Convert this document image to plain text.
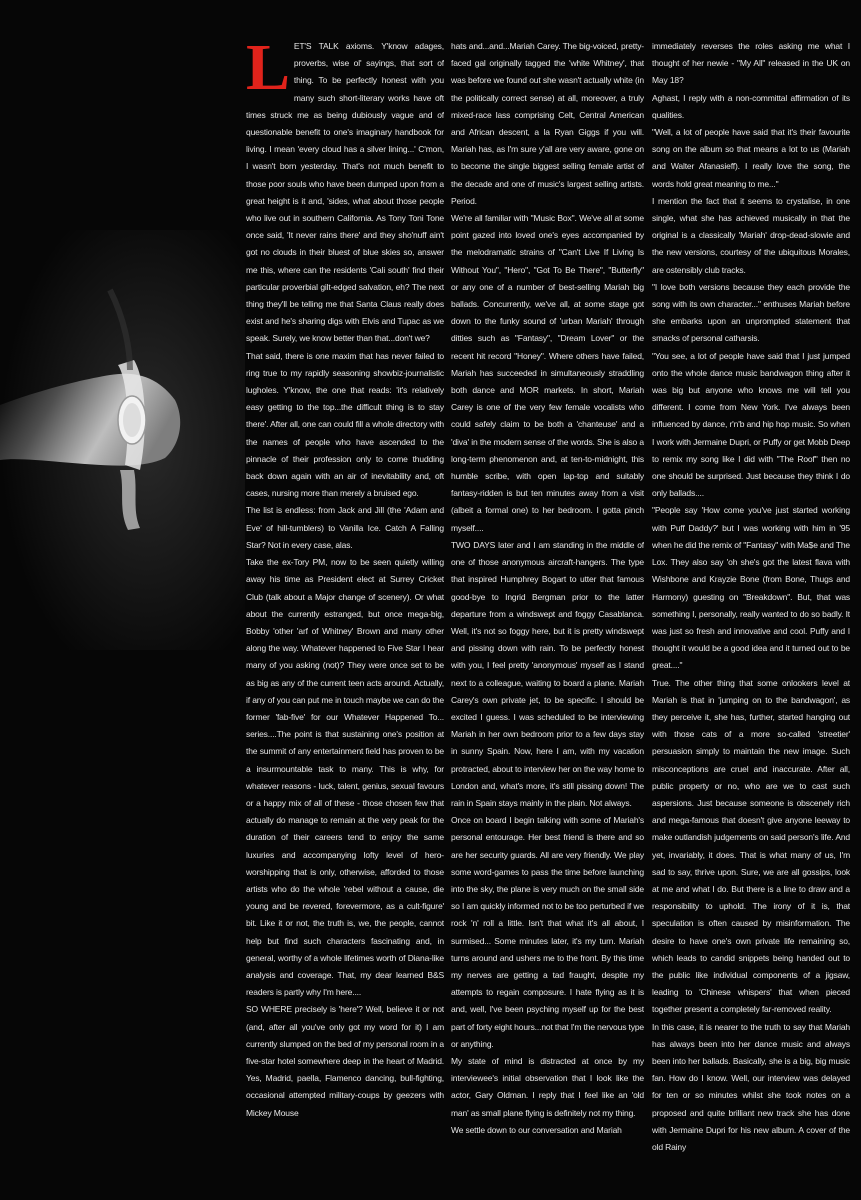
L ET'S TALK axioms. Y'know adages, proverbs, wise ol' sayings, that sort of thing. To be perfectly honest with you many such short-literary works have oft times struck me as being dubiously vague and of questionable benefit to one's imaginary handbook for living. I mean 'every cloud has a silver lining...' C'mon, I wasn't born yesterday. That's not much benefit to those poor souls who have been dumped upon from a great height is it and, 'sides, what about those people who live out in southern California. As Tony Toni Tone once said, 'It never rains there' and they sho'nuff ain't got no clouds in their bluest of blue skies so, answer me this, where can the residents 'Cali south' find their particular proverbial gilt-edged salvation, eh? The next thing they'll be telling me that Santa Claus really does exist and he's sharing digs with Elvis and Tupac as we speak. Surely, we know better than that...don't we?

That said, there is one maxim that has never failed to ring true to my rapidly seasoning showbiz-journalistic lugholes. Y'know, the one that reads: 'it's relatively easy getting to the top...the difficult thing is to stay there'. After all, one can could fill a whole directory with the names of people who have ascended to the pinnacle of their profession only to come thudding back down again with an air of inevitability and, oft cases, nursing more than merely a bruised ego.

The list is endless: from Jack and Jill (the 'Adam and Eve' of hill-tumblers) to Vanilla Ice. Catch A Falling Star? Not in every case, alas.

Take the ex-Tory PM, now to be seen quietly willing away his time as President elect at Surrey Cricket Club (talk about a Major change of scenery). Or what about the currently estranged, but once mega-big, Bobby 'other 'arf of Whitney' Brown and many other along the way. Whatever happened to Five Star I hear many of you asking (not)? They were once set to be as big as any of the current teen acts around. Actually, if any of you can put me in touch maybe we can do the former 'fab-five' for our Whatever Happened To... series....The point is that sustaining one's position at the summit of any entertainment field has proven to be a insurmountable task to many. This is why, for whatever reasons - luck, talent, genius, sexual favours or a happy mix of all of these - those chosen few that actually do manage to remain at the very peak for the duration of their careers tend to enjoy the same luxuries and accompanying lofty level of hero-worshipping that is only, otherwise, afforded to those artists who do the whole 'rebel without a cause, die young and be revered, forevermore, as a cult-figure' bit. Like it or not, the truth is, we, the people, cannot help but find such characters fascinating and, in general, worthy of a whole lifetimes worth of Diana-like analysis and coverage. That, my dear learned B&S readers is partly why I'm here....

SO WHERE precisely is 'here'? Well, believe it or not (and, after all you've only got my word for it) I am currently slumped on the bed of my personal room in a five-star hotel somewhere deep in the heart of Madrid. Yes, Madrid, paella, Flamenco dancing, bull-fighting, occasional attempted military-coups by geezers with Mickey Mouse

hats and...and...Mariah Carey. The big-voiced, pretty-faced gal originally tagged the 'white Whitney', that was before we found out she wasn't actually white (in the politically correct sense) at all, moreover, a truly mixed-race lass comprising Celt, Central American and African descent, a la Ryan Giggs if you will. Mariah has, as I'm sure y'all are very aware, gone on to become the single biggest selling female artist of the decade and one of music's largest selling artists. Period.

We're all familiar with "Music Box". We've all at some point gazed into loved one's eyes accompanied by the melodramatic strains of "Can't Live If Living Is Without You", "Hero", "Got To Be There", "Butterfly" or any one of a number of best-selling Mariah big ballads. Concurrently, we've all, at some stage got down to the funky sound of 'urban Mariah' through ditties such as "Fantasy", "Dream Lover" or the recent hit record "Honey". Where others have failed, Mariah has succeeded in simultaneously straddling both dance and MOR markets. In short, Mariah Carey is one of the very few female vocalists who could safely claim to be both a 'chanteuse' and a 'diva' in the modern sense of the words. She is also a long-term phenomenon and, at ten-to-midnight, this humble scribe, with open lap-top and suitably fantasy-ridden is but ten minutes away from a visit (albeit a formal one) to her bedroom. I gotta pinch myself....

TWO DAYS later and I am standing in the middle of one of those anonymous aircraft-hangers. The type that inspired Humphrey Bogart to utter that famous good-bye to Ingrid Bergman prior to the latter departure from a windswept and foggy Casablanca. Well, it's not so foggy here, but it is pretty windswept and pissing down with rain. To be perfectly honest with you, I feel pretty 'anonymous' myself as I stand next to a colleague, waiting to board a plane. Mariah Carey's own private jet, to be specific. I should be excited I guess. I was scheduled to be interviewing Mariah in her own bedroom prior to a few days stay in sunny Spain. Now, here I am, with my vacation protracted, about to interview her on the way home to London and, what's more, it's still pissing down! The rain in Spain stays mainly in the plain. Not always.

Once on board I begin talking with some of Mariah's personal entourage. Her best friend is there and so are her security guards. All are very friendly. We play some word-games to pass the time before launching into the sky, the plane is very much on the small side so I am quickly informed not to be too perturbed if we rock 'n' roll a little. Isn't that what it's all about, I surmised... Some minutes later, it's my turn. Mariah turns around and ushers me to the front. By this time my nerves are getting a tad fraught, despite my attempts to regain composure. I hate flying as it is and, well, I've been psyching myself up for the best part of forty eight hours...not that I'm the nervous type or anything.

My state of mind is distracted at once by my interviewee's initial observation that I look like the actor, Gary Oldman. I reply that I feel like an 'old man' as small plane flying is definitely not my thing.

We settle down to our conversation and Mariah

immediately reverses the roles asking me what I thought of her newie - "My All" released in the UK on May 18?

Aghast, I reply with a non-committal affirmation of its qualities.

"Well, a lot of people have said that it's their favourite song on the album so that means a lot to us (Mariah and Walter Afanasieff). I really love the song, the words hold great meaning to me..."

I mention the fact that it seems to crystalise, in one single, what she has achieved musically in that the original is a classically 'Mariah' drop-dead-slowie and the new versions, courtesy of the ubiquitous Morales, are ostensibly club tracks.

"I love both versions because they each provide the song with its own character..." enthuses Mariah before she embarks upon an unprompted statement that smacks of personal catharsis.

"You see, a lot of people have said that I just jumped onto the whole dance music bandwagon thing after it was big but anyone who knows me will tell you different. I come from New York. I've always been influenced by dance, r'n'b and hip hop music. So when I work with Jermaine Dupri, or Puffy or get Mobb Deep to remix my song like I did with "The Roof" then no one should be surprised. Just because they think I do only ballads....

"People say 'How come you've just started working with Puff Daddy?' but I was working with him in '95 when he did the remix of "Fantasy" with Ma$e and The Lox. They also say 'oh she's got the latest flava with Wishbone and Krayzie Bone (from Bone, Thugs and Harmony) guesting on "Breakdown". But, that was something I, personally, really wanted to do so badly. It was just so fresh and innovative and cool. Puffy and I thought it would be a good idea and it turned out to be great...."

True. The other thing that some onlookers level at Mariah is that in 'jumping on to the bandwagon', as they perceive it, she has, further, started hanging out with those cats of a more so-called 'streetier' persuasion simply to maintain the new image. Such misconceptions are cruel and inaccurate. After all, public property or no, who are we to cast such aspersions. Just because someone is obscenely rich and mega-famous that doesn't give anyone leeway to make outlandish judgements on said person's life. And yet, invariably, it does. That is what many of us, I'm sad to say, thrive upon. Sure, we are all gossips, look at me and what I do. But there is a line to draw and a responsibility to uphold. The irony of it is, that speculation is often caused by misinformation. The desire to have one's own private life remaining so, which leads to candid snippets being handed out to the public like individual components of a jigsaw, leading to 'Chinese whispers' that when pieced together present a completely far-removed reality.

In this case, it is nearer to the truth to say that Mariah has always been into her dance music and always been into her ballads. Basically, she is a big, big music fan. How do I know. Well, our interview was delayed for ten or so minutes whilst she took notes on a proposed and quite brilliant new track she has done with Jermaine Dupri for his new album. A cover of the old Rainy
